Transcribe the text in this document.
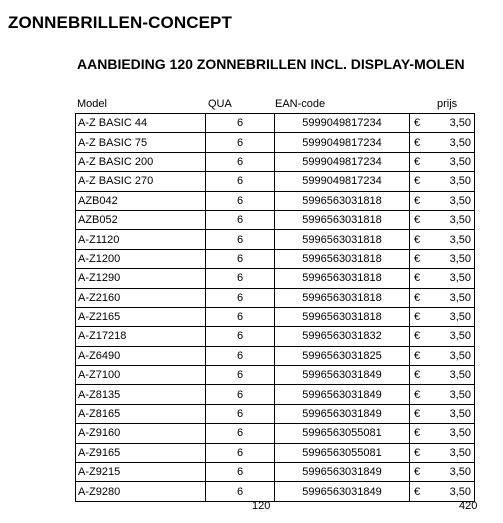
ZONNEBRILLEN-CONCEPT
AANBIEDING 120 ZONNEBRILLEN INCL. DISPLAY-MOLEN
Model	QUA	EAN-code	prijs
A-Z BASIC 44	6	5999049817234	€	3,50
A-Z BASIC 75	6	5999049817234	€	3,50
A-Z BASIC 200	6	5999049817234	€	3,50
A-Z BASIC 270	6	5999049817234	€	3,50
AZB042	6	5996563031818	€	3,50
AZB052	6	5996563031818	€	3,50
A-Z1120	6	5996563031818	€	3,50
A-Z1200	6	5996563031818	€	3,50
A-Z1290	6	5996563031818	€	3,50
A-Z2160	6	5996563031818	€	3,50
A-Z2165	6	5996563031818	€	3,50
A-Z17218	6	5996563031832	€	3,50
A-Z6490	6	5996563031825	€	3,50
A-Z7100	6	5996563031849	€	3,50
A-Z8135	6	5996563031849	€	3,50
A-Z8165	6	5996563031849	€	3,50
A-Z9160	6	5996563055081	€	3,50
A-Z9165	6	5996563055081	€	3,50
A-Z9215	6	5996563031849	€	3,50
A-Z9280	6	5996563031849	€	3,50
120	420
